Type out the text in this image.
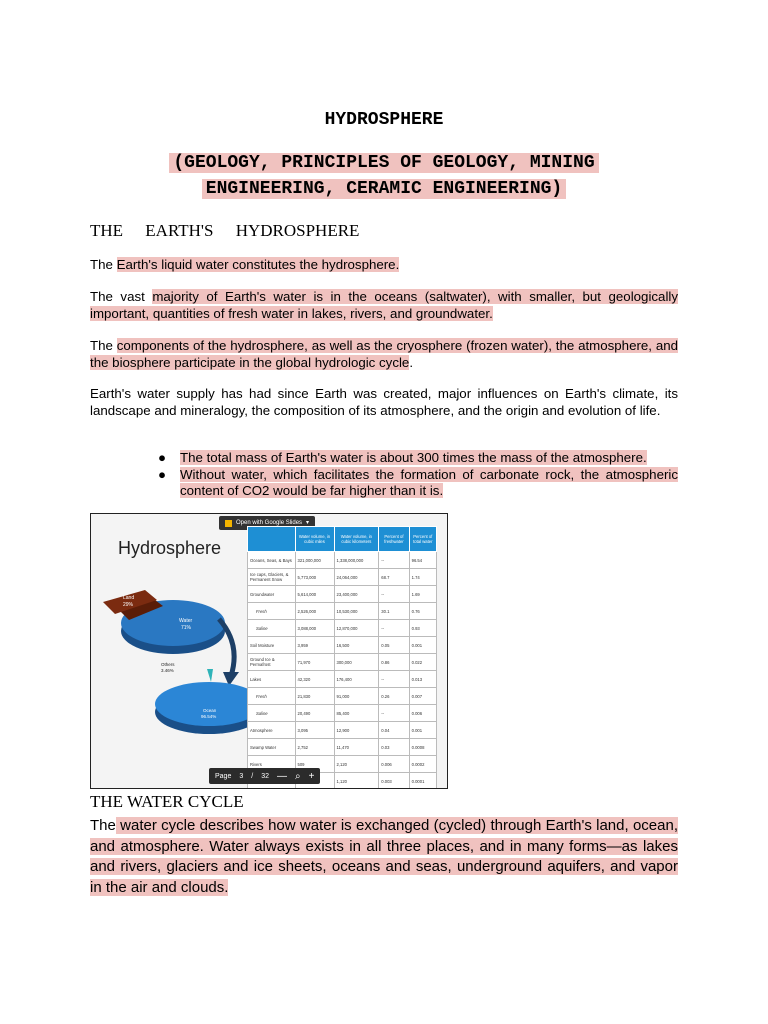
HYDROSPHERE
(GEOLOGY, PRINCIPLES OF GEOLOGY, MINING
ENGINEERING, CERAMIC ENGINEERING)
THE EARTH'S HYDROSPHERE
The Earth's liquid water constitutes the hydrosphere.
The vast majority of Earth's water is in the oceans (saltwater), with smaller, but geologically important, quantities of fresh water in lakes, rivers, and groundwater.
The components of the hydrosphere, as well as the cryosphere (frozen water), the atmosphere, and the biosphere participate in the global hydrologic cycle.
Earth's water supply has had since Earth was created, major influences on Earth's climate, its landscape and mineralogy, the composition of its atmosphere, and the origin and evolution of life.
●	The total mass of Earth's water is about 300 times the mass of the atmosphere.
●	Without water, which facilitates the formation of carbonate rock, the atmospheric content of CO2 would be far higher than it is.
Hydrosphere
Open with Google Slides ▾
Land
29%
Water
71%
Others
3.46%
Ocean
96.54%
	Water volume, in cubic miles	Water volume, in cubic kilometers	Percent of freshwater	Percent of total water
Oceans, Seas, & Bays	321,000,000	1,338,000,000	--	96.54
Ice caps, Glaciers, & Permanent Snow	5,773,000	24,064,000	68.7	1.74
Groundwater	5,614,000	23,400,000	--	1.69
Fresh	2,526,000	10,530,000	30.1	0.76
Saline	3,088,000	12,870,000	--	0.93
Soil Moisture	3,959	16,500	0.05	0.001
Ground Ice & Permafrost	71,970	300,000	0.86	0.022
Lakes	42,320	176,400	--	0.013
Fresh	21,830	91,000	0.26	0.007
Saline	20,490	85,400	--	0.006
Atmosphere	3,095	12,900	0.04	0.001
Swamp Water	2,752	11,470	0.03	0.0008
Rivers	509	2,120	0.006	0.0002
		1,120	0.003	0.0001
Page 3 / 32 — ⌕ +
THE WATER CYCLE
The water cycle describes how water is exchanged (cycled) through Earth's land, ocean, and atmosphere. Water always exists in all three places, and in many forms—as lakes and rivers, glaciers and ice sheets, oceans and seas, underground aquifers, and vapor in the air and clouds.
